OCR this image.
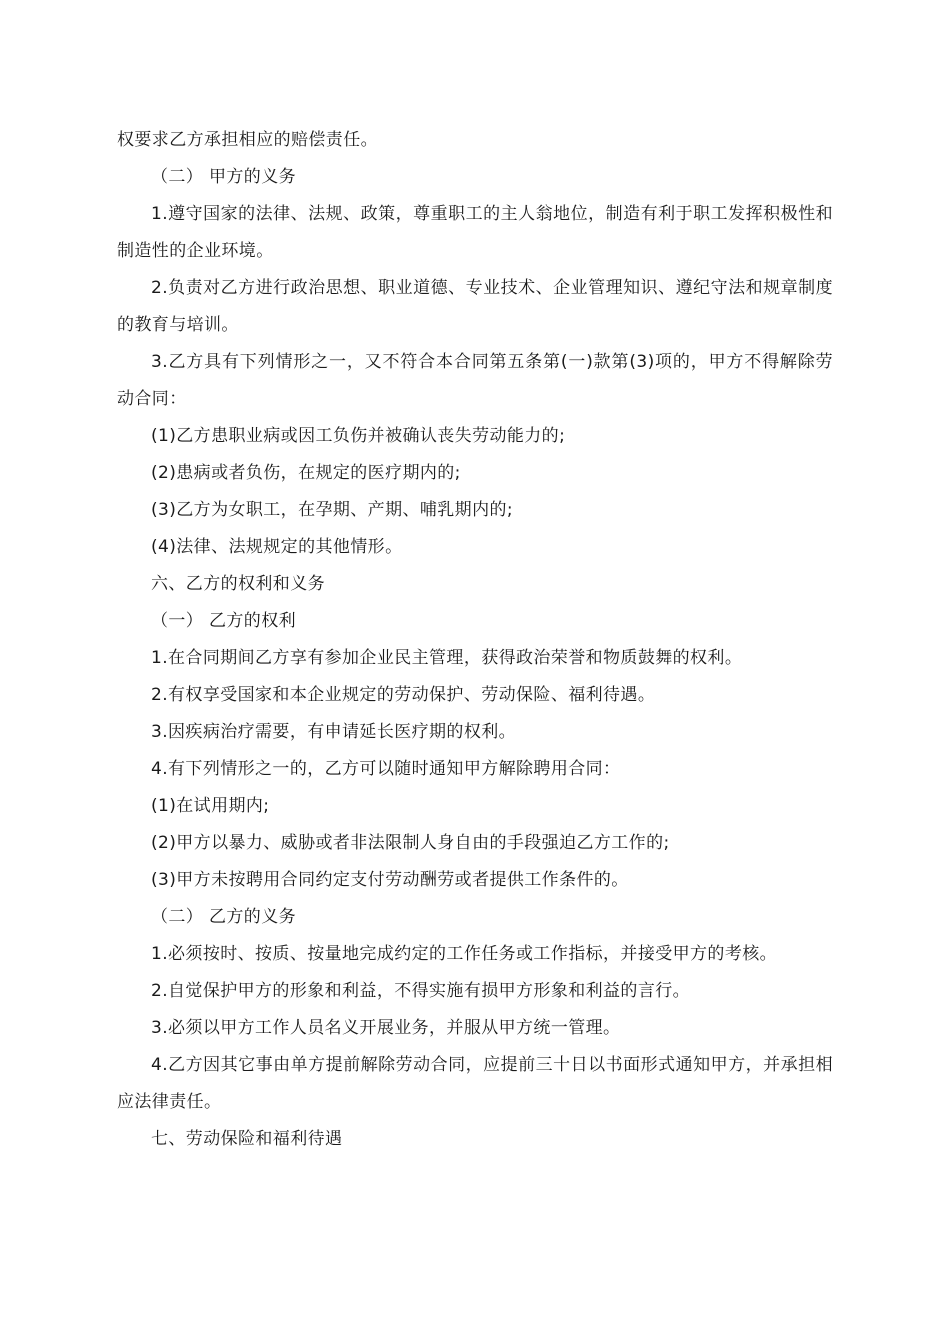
权要求乙方承担相应的赔偿责任。

（二） 甲方的义务

1.遵守国家的法律、法规、政策，尊重职工的主人翁地位，制造有利于职工发挥积极性和制造性的企业环境。

2.负责对乙方进行政治思想、职业道德、专业技术、企业管理知识、遵纪守法和规章制度的教育与培训。

3.乙方具有下列情形之一，又不符合本合同第五条第(一)款第(3)项的，甲方不得解除劳动合同：

(1)乙方患职业病或因工负伤并被确认丧失劳动能力的;

(2)患病或者负伤，在规定的医疗期内的;

(3)乙方为女职工，在孕期、产期、哺乳期内的;

(4)法律、法规规定的其他情形。

六、乙方的权利和义务

（一） 乙方的权利

1.在合同期间乙方享有参加企业民主管理，获得政治荣誉和物质鼓舞的权利。

2.有权享受国家和本企业规定的劳动保护、劳动保险、福利待遇。

3.因疾病治疗需要，有申请延长医疗期的权利。

4.有下列情形之一的，乙方可以随时通知甲方解除聘用合同：

(1)在试用期内;

(2)甲方以暴力、威胁或者非法限制人身自由的手段强迫乙方工作的;

(3)甲方未按聘用合同约定支付劳动酬劳或者提供工作条件的。

（二） 乙方的义务

1.必须按时、按质、按量地完成约定的工作任务或工作指标，并接受甲方的考核。

2.自觉保护甲方的形象和利益，不得实施有损甲方形象和利益的言行。

3.必须以甲方工作人员名义开展业务，并服从甲方统一管理。

4.乙方因其它事由单方提前解除劳动合同，应提前三十日以书面形式通知甲方，并承担相应法律责任。

七、劳动保险和福利待遇
